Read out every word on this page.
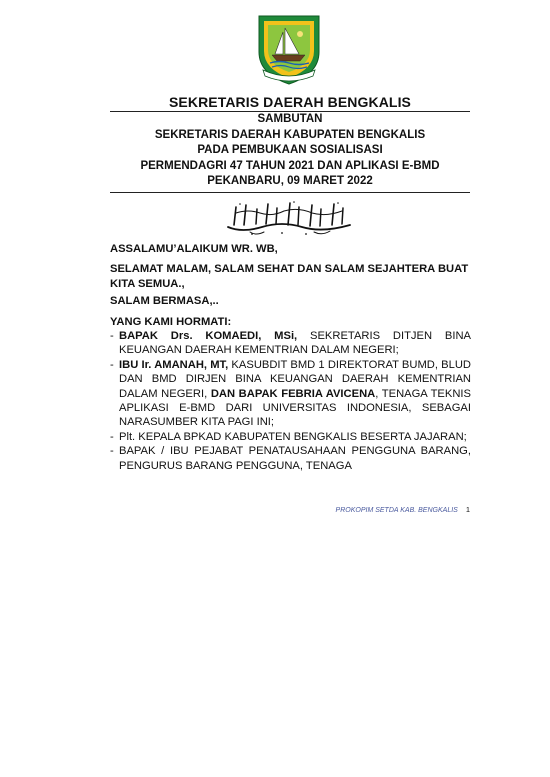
SEKRETARIS DAERAH BENGKALIS
SAMBUTAN
SEKRETARIS DAERAH KABUPATEN BENGKALIS
PADA PEMBUKAAN SOSIALISASI
PERMENDAGRI 47 TAHUN 2021 DAN APLIKASI E-BMD
PEKANBARU, 09 MARET 2022
ASSALAMU’ALAIKUM WR. WB,
SELAMAT MALAM, SALAM SEHAT DAN SALAM SEJAHTERA BUAT KITA SEMUA.,
SALAM BERMASA,..
YANG KAMI HORMATI:
- BAPAK Drs. KOMAEDI, MSi, SEKRETARIS DITJEN BINA KEUANGAN DAERAH KEMENTRIAN DALAM NEGERI;
- IBU Ir. AMANAH, MT, KASUBDIT BMD 1 DIREKTORAT BUMD, BLUD DAN BMD DIRJEN BINA KEUANGAN DAERAH KEMENTRIAN DALAM NEGERI, DAN BAPAK FEBRIA AVICENA, TENAGA TEKNIS APLIKASI E-BMD DARI UNIVERSITAS INDONESIA, SEBAGAI NARASUMBER KITA PAGI INI;
- Plt. KEPALA BPKAD KABUPATEN BENGKALIS BESERTA JAJARAN;
- BAPAK / IBU PEJABAT PENATAUSAHAAN PENGGUNA BARANG, PENGURUS BARANG PENGGUNA, TENAGA
PROKOPIM SETDA KAB. BENGKALIS 1
